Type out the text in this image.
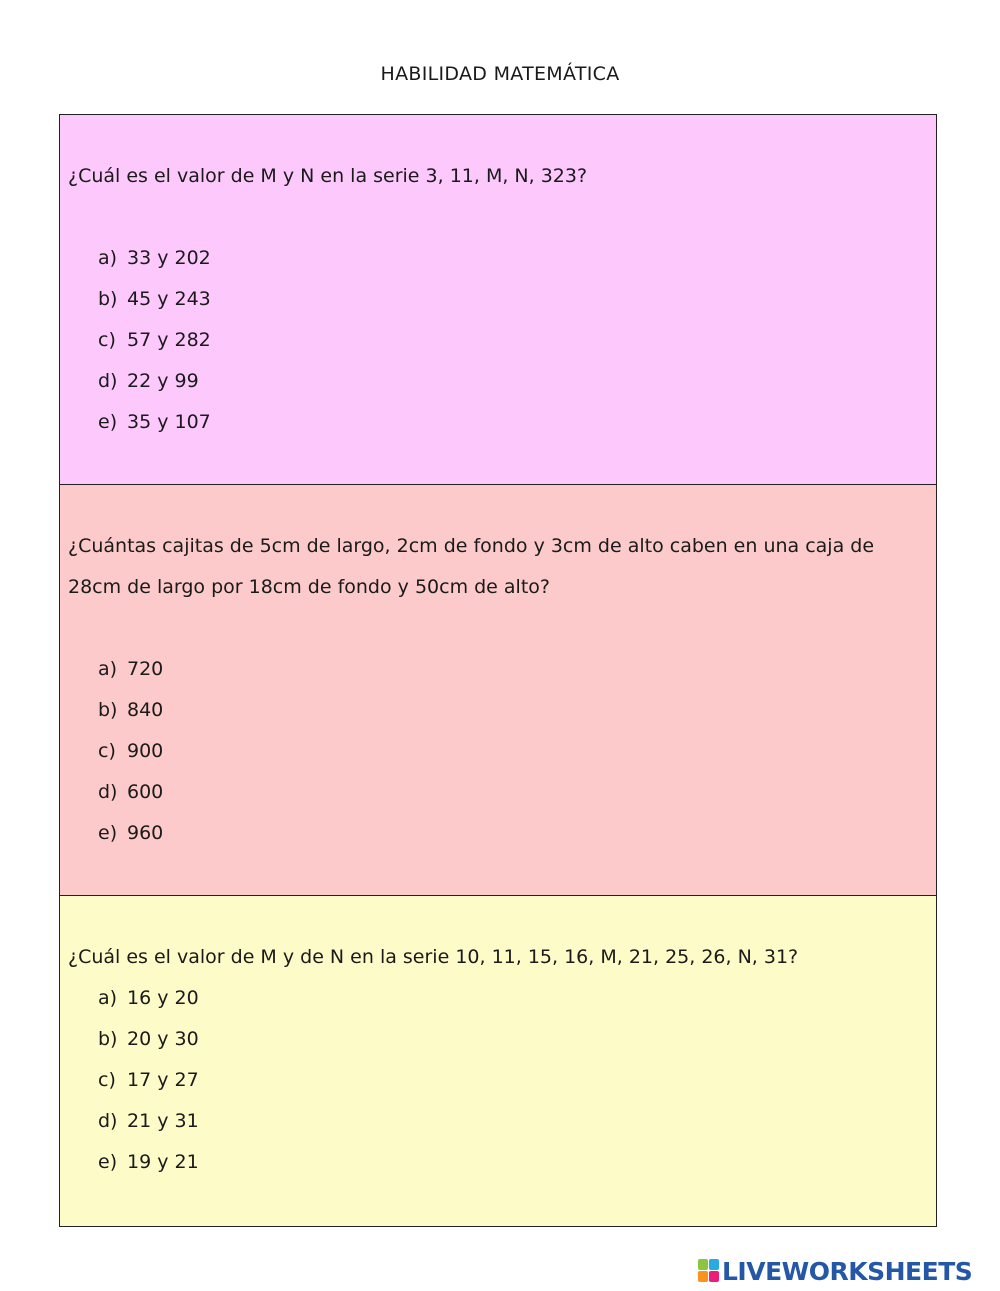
HABILIDAD MATEMÁTICA

¿Cuál es el valor de M y N en la serie 3, 11, M, N, 323?

a) 33 y 202
b) 45 y 243
c) 57 y 282
d) 22 y 99
e) 35 y 107

¿Cuántas cajitas de 5cm de largo, 2cm de fondo y 3cm de alto caben en una caja de 28cm de largo por 18cm de fondo y 50cm de alto?

a) 720
b) 840
c) 900
d) 600
e) 960

¿Cuál es el valor de M y de N en la serie 10, 11, 15, 16, M, 21, 25, 26, N, 31?

a) 16 y 20
b) 20 y 30
c) 17 y 27
d) 21 y 31
e) 19 y 21
LIVEWORKSHEETS
